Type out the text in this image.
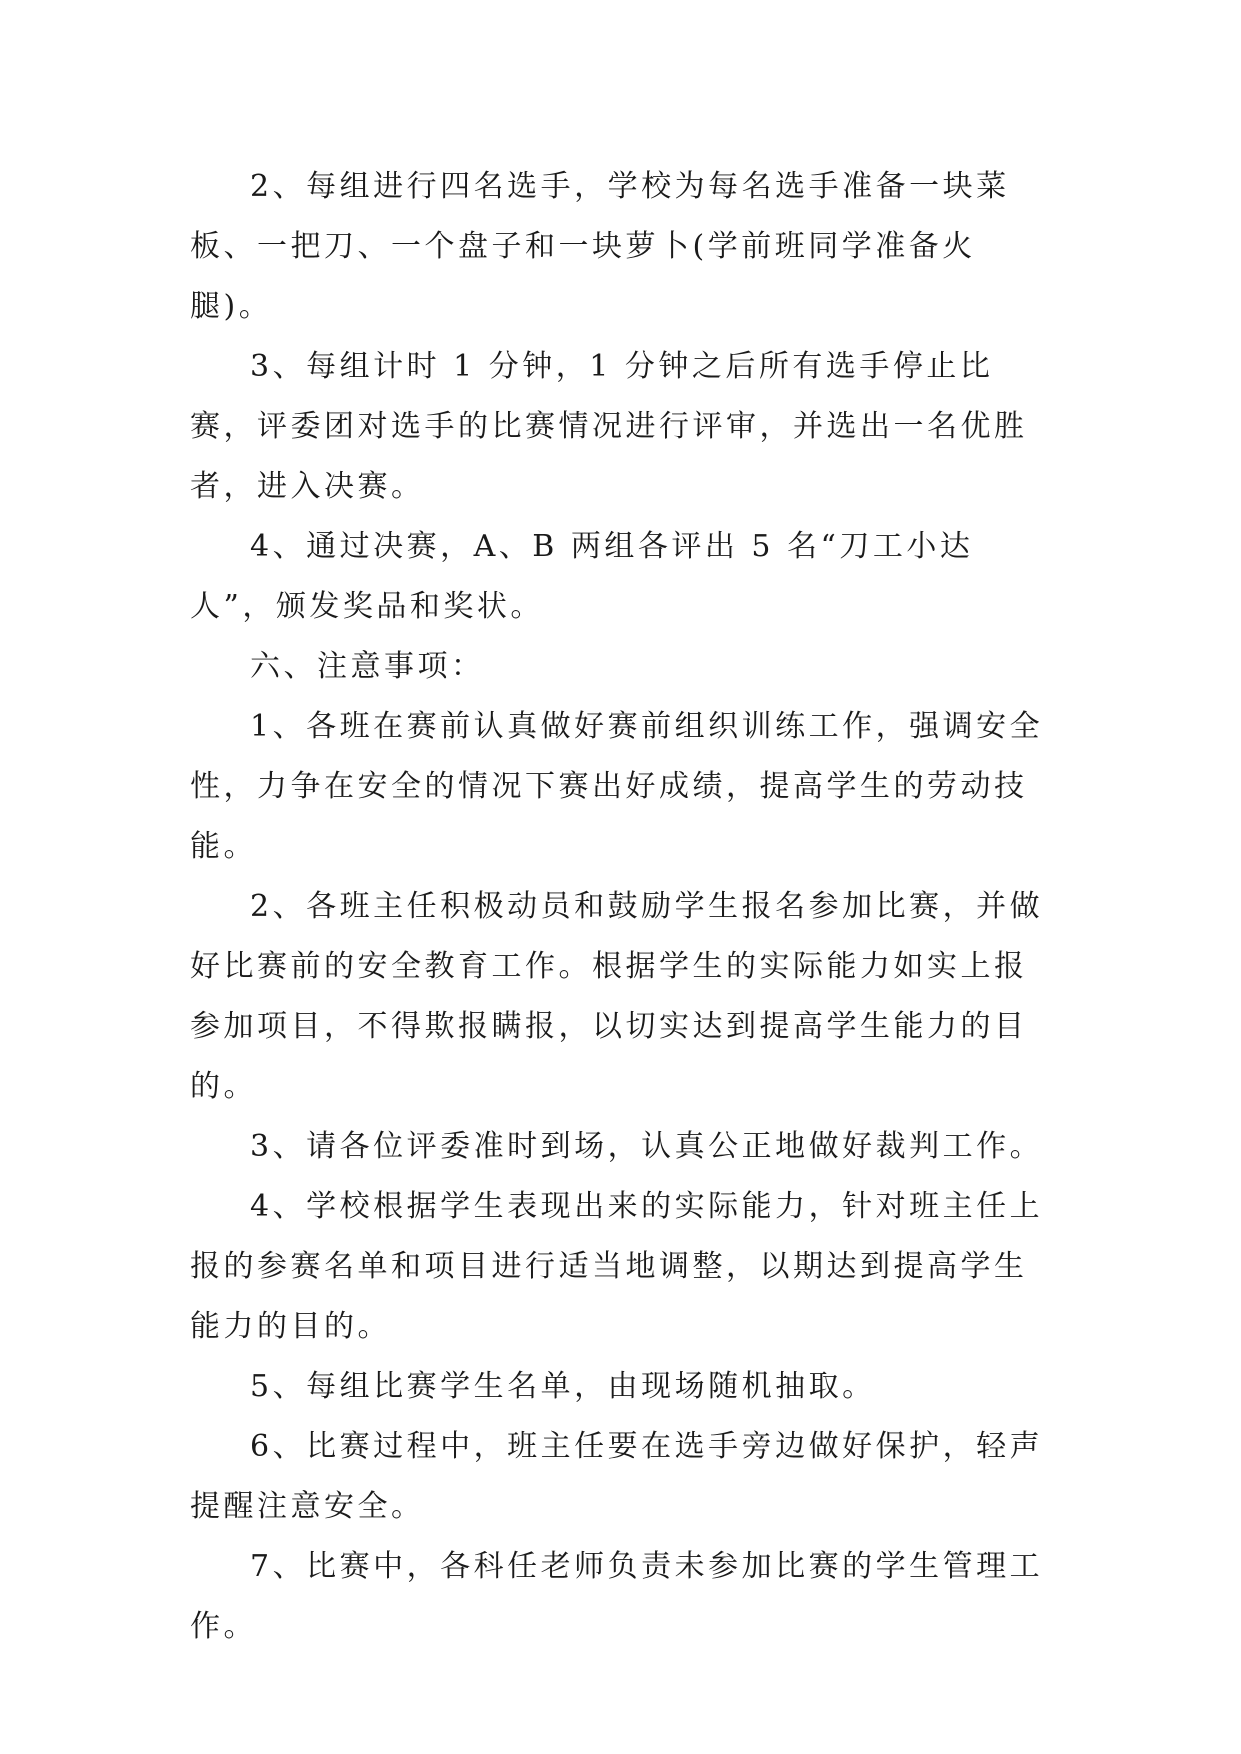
2、每组进行四名选手，学校为每名选手准备一块菜板、一把刀、一个盘子和一块萝卜(学前班同学准备火腿)。

3、每组计时 1 分钟，1 分钟之后所有选手停止比赛，评委团对选手的比赛情况进行评审，并选出一名优胜者，进入决赛。

4、通过决赛，A、B 两组各评出 5 名“刀工小达人”，颁发奖品和奖状。

六、注意事项：

1、各班在赛前认真做好赛前组织训练工作，强调安全性，力争在安全的情况下赛出好成绩，提高学生的劳动技能。

2、各班主任积极动员和鼓励学生报名参加比赛，并做好比赛前的安全教育工作。根据学生的实际能力如实上报参加项目，不得欺报瞒报，以切实达到提高学生能力的目的。

3、请各位评委准时到场，认真公正地做好裁判工作。

4、学校根据学生表现出来的实际能力，针对班主任上报的参赛名单和项目进行适当地调整，以期达到提高学生能力的目的。

5、每组比赛学生名单，由现场随机抽取。

6、比赛过程中，班主任要在选手旁边做好保护，轻声提醒注意安全。

7、比赛中，各科任老师负责未参加比赛的学生管理工作。
